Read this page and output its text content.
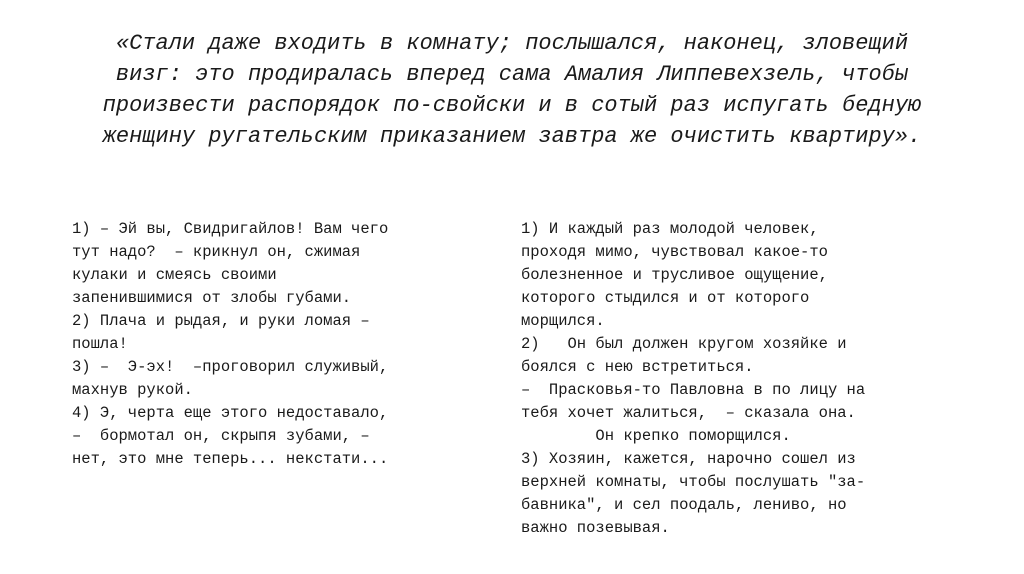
«Стали даже входить в комнату; послышался, наконец, зловещий
визг: это продиралась вперед сама Амалия Липпевехзель, чтобы
произвести распорядок по-свойски и в сотый раз испугать бедную
женщину ругательским приказанием завтра же очистить квартиру».

1) – Эй вы, Свидригайлов! Вам чего
тут надо?  – крикнул он, сжимая
кулаки и смеясь своими
запенившимися от злобы губами.
2) Плача и рыдая, и руки ломая –
пошла!
3) –  Э-эх!  –проговорил служивый,
махнув рукой.
4) Э, черта еще этого недоставало,
–  бормотал он, скрыпя зубами, –
нет, это мне теперь... некстати...
1) И каждый раз молодой человек,
проходя мимо, чувствовал какое-то
болезненное и трусливое ощущение,
которого стыдился и от которого
морщился.
2)   Он был должен кругом хозяйке и
боялся с нею встретиться.
–  Прасковья-то Павловна в по лицу на
тебя хочет жалиться,  – сказала она.
Он крепко поморщился.
3) Хозяин, кажется, нарочно сошел из
верхней комнаты, чтобы послушать "за-
бавника", и сел поодаль, лениво, но
важно позевывая.
